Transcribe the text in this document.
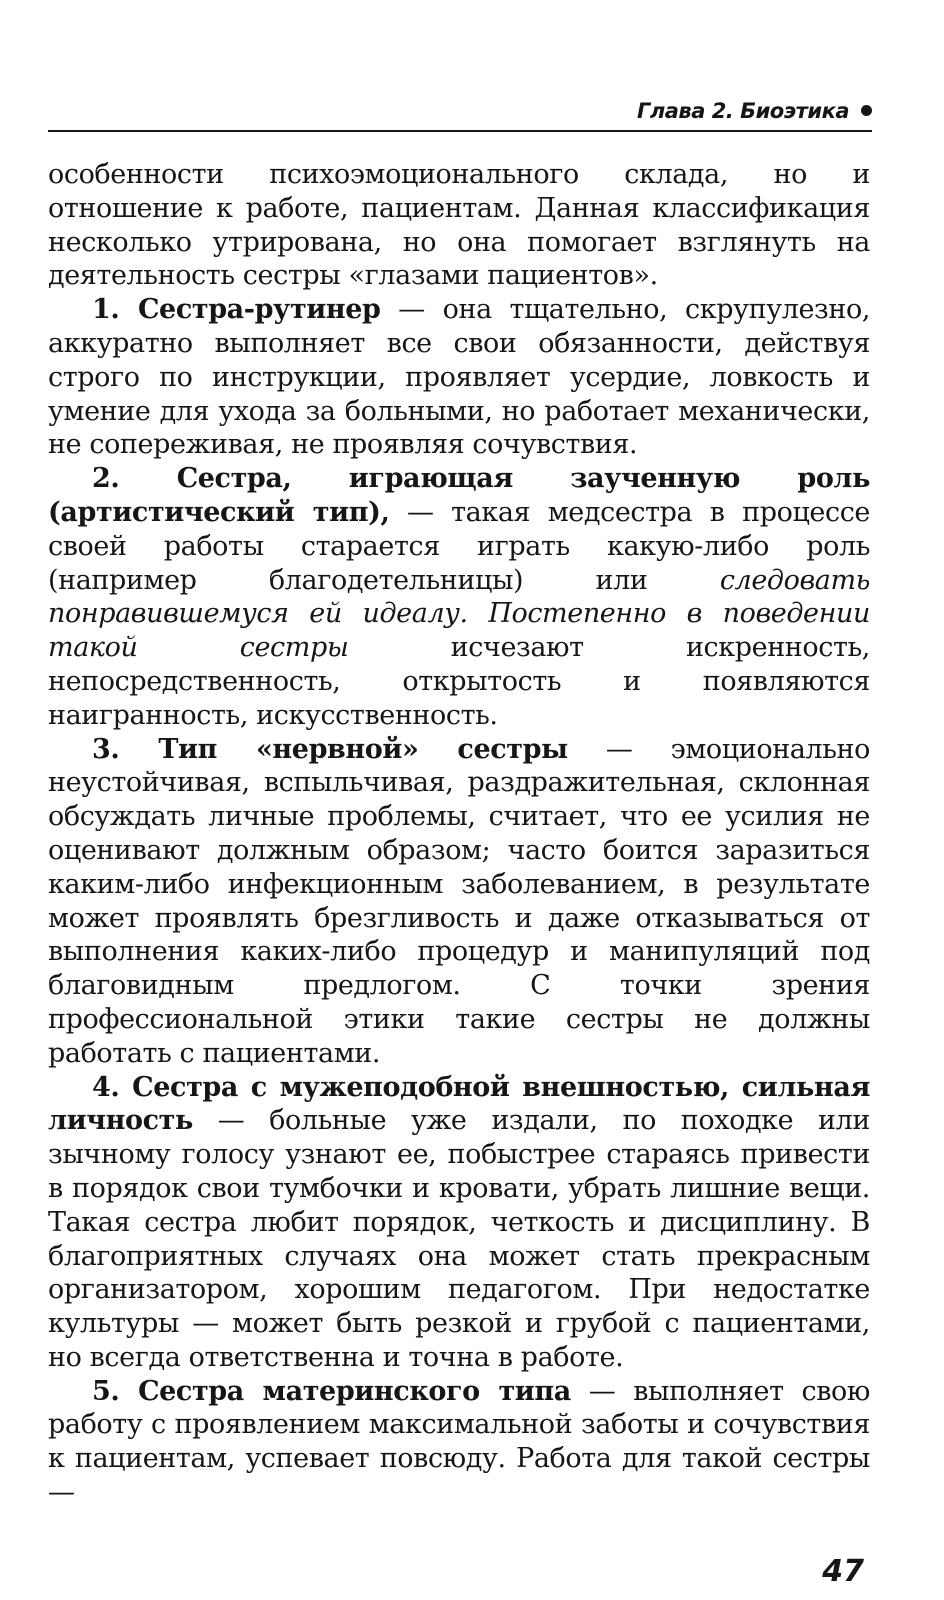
Глава 2. Биоэтика

особенности психоэмоционального склада, но и отношение к работе, пациентам. Данная классификация несколько утрирована, но она помогает взглянуть на деятельность сестры «глазами пациентов».

1. Сестра-рутинер — она тщательно, скрупулезно, аккуратно выполняет все свои обязанности, действуя строго по инструкции, проявляет усердие, ловкость и умение для ухода за больными, но работает механически, не сопереживая, не проявляя сочувствия.

2. Сестра, играющая заученную роль (артистический тип), — такая медсестра в процессе своей работы старается играть какую-либо роль (например благодетельницы) или следовать понравившемуся ей идеалу. Постепенно в поведении такой сестры исчезают искренность, непосредственность, открытость и появляются наигранность, искусственность.

3. Тип «нервной» сестры — эмоционально неустойчивая, вспыльчивая, раздражительная, склонная обсуждать личные проблемы, считает, что ее усилия не оценивают должным образом; часто боится заразиться каким-либо инфекционным заболеванием, в результате может проявлять брезгливость и даже отказываться от выполнения каких-либо процедур и манипуляций под благовидным предлогом. С точки зрения профессиональной этики такие сестры не должны работать с пациентами.

4. Сестра с мужеподобной внешностью, сильная личность — больные уже издали, по походке или зычному голосу узнают ее, побыстрее стараясь привести в порядок свои тумбочки и кровати, убрать лишние вещи. Такая сестра любит порядок, четкость и дисциплину. В благоприятных случаях она может стать прекрасным организатором, хорошим педагогом. При недостатке культуры — может быть резкой и грубой с пациентами, но всегда ответственна и точна в работе.

5. Сестра материнского типа — выполняет свою работу с проявлением максимальной заботы и сочувствия к пациентам, успевает повсюду. Работа для такой сестры —

47
